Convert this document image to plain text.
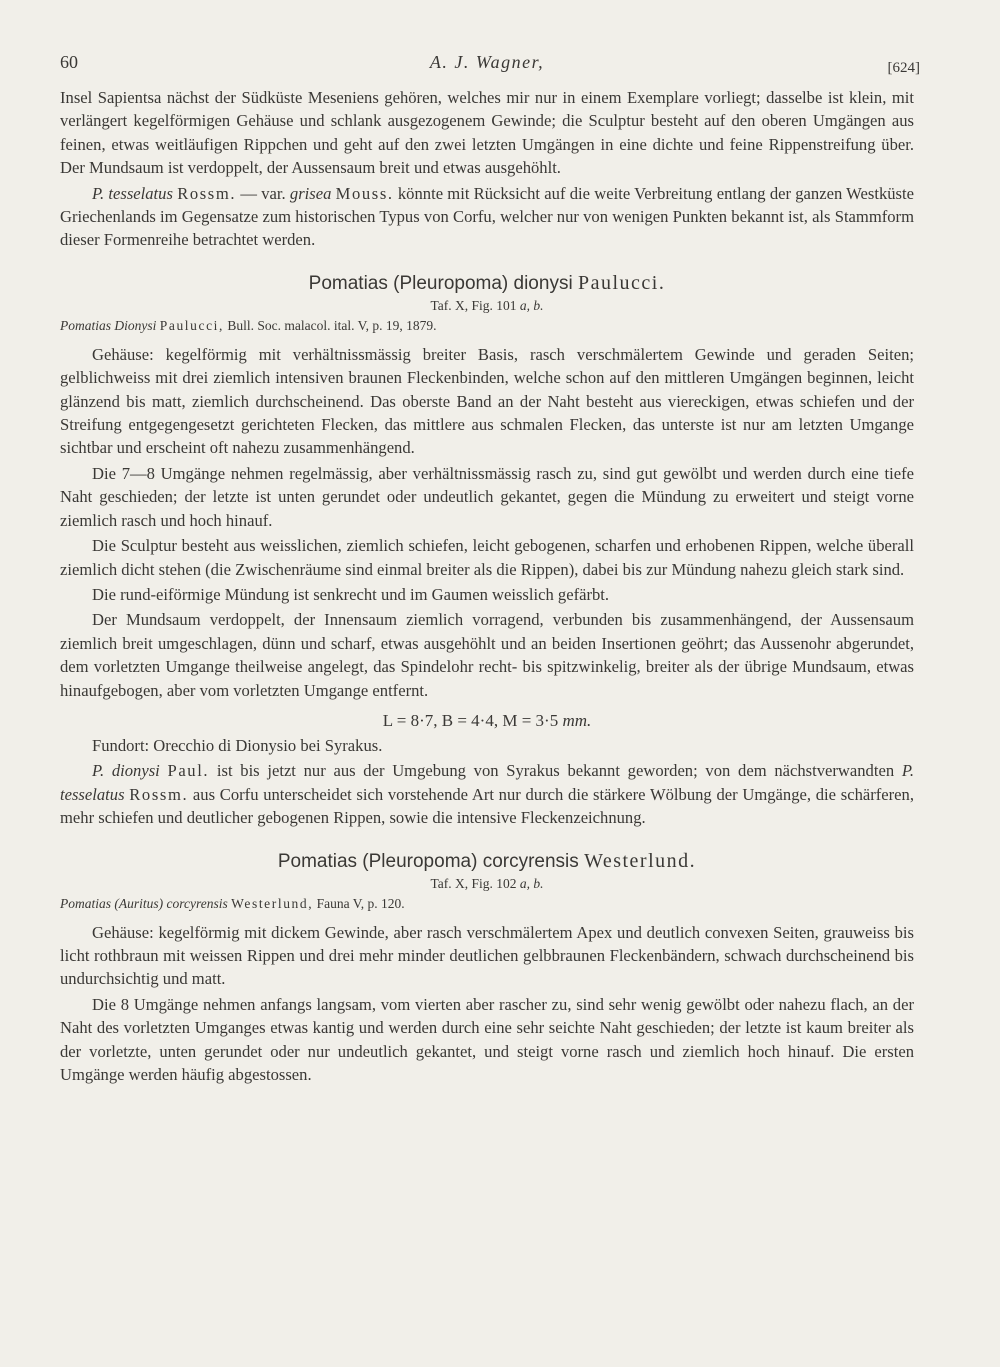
60	A. J. Wagner,	[624]

Insel Sapientsa nächst der Südküste Meseniens gehören, welches mir nur in einem Exemplare vorliegt; dasselbe ist klein, mit verlängert kegelförmigen Gehäuse und schlank ausgezogenem Gewinde; die Sculptur besteht auf den oberen Umgängen aus feinen, etwas weitläufigen Rippchen und geht auf den zwei letzten Umgängen in eine dichte und feine Rippenstreifung über. Der Mundsaum ist verdoppelt, der Aussensaum breit und etwas ausgehöhlt.

P. tesselatus Rossm. — var. grisea Mouss. könnte mit Rücksicht auf die weite Verbreitung entlang der ganzen Westküste Griechenlands im Gegensatze zum historischen Typus von Corfu, welcher nur von wenigen Punkten bekannt ist, als Stammform dieser Formenreihe betrachtet werden.

Pomatias (Pleuropoma) dionysi Paulucci.
Taf. X, Fig. 101 a, b.
Pomatias Dionysi Paulucci, Bull. Soc. malacol. ital. V, p. 19, 1879.

Gehäuse: kegelförmig mit verhältnissmässig breiter Basis, rasch verschmälertem Gewinde und geraden Seiten; gelblichweiss mit drei ziemlich intensiven braunen Fleckenbinden, welche schon auf den mittleren Umgängen beginnen, leicht glänzend bis matt, ziemlich durchscheinend. Das oberste Band an der Naht besteht aus viereckigen, etwas schiefen und der Streifung entgegengesetzt gerichteten Flecken, das mittlere aus schmalen Flecken, das unterste ist nur am letzten Umgange sichtbar und erscheint oft nahezu zusammenhängend.

Die 7—8 Umgänge nehmen regelmässig, aber verhältnissmässig rasch zu, sind gut gewölbt und werden durch eine tiefe Naht geschieden; der letzte ist unten gerundet oder undeutlich gekantet, gegen die Mündung zu erweitert und steigt vorne ziemlich rasch und hoch hinauf.

Die Sculptur besteht aus weisslichen, ziemlich schiefen, leicht gebogenen, scharfen und erhobenen Rippen, welche überall ziemlich dicht stehen (die Zwischenräume sind einmal breiter als die Rippen), dabei bis zur Mündung nahezu gleich stark sind.

Die rund-eiförmige Mündung ist senkrecht und im Gaumen weisslich gefärbt.

Der Mundsaum verdoppelt, der Innensaum ziemlich vorragend, verbunden bis zusammenhängend, der Aussensaum ziemlich breit umgeschlagen, dünn und scharf, etwas ausgehöhlt und an beiden Insertionen geöhrt; das Aussenohr abgerundet, dem vorletzten Umgange theilweise angelegt, das Spindelohr recht- bis spitzwinkelig, breiter als der übrige Mundsaum, etwas hinaufgebogen, aber vom vorletzten Umgange entfernt.

L = 8·7, B = 4·4, M = 3·5 mm.

Fundort: Orecchio di Dionysio bei Syrakus.

P. dionysi Paul. ist bis jetzt nur aus der Umgebung von Syrakus bekannt geworden; von dem nächstverwandten P. tesselatus Rossm. aus Corfu unterscheidet sich vorstehende Art nur durch die stärkere Wölbung der Umgänge, die schärferen, mehr schiefen und deutlicher gebogenen Rippen, sowie die intensive Fleckenzeichnung.

Pomatias (Pleuropoma) corcyrensis Westerlund.
Taf. X, Fig. 102 a, b.
Pomatias (Auritus) corcyrensis Westerlund, Fauna V, p. 120.

Gehäuse: kegelförmig mit dickem Gewinde, aber rasch verschmälertem Apex und deutlich convexen Seiten, grauweiss bis licht rothbraun mit weissen Rippen und drei mehr minder deutlichen gelbbraunen Fleckenbändern, schwach durchscheinend bis undurchsichtig und matt.

Die 8 Umgänge nehmen anfangs langsam, vom vierten aber rascher zu, sind sehr wenig gewölbt oder nahezu flach, an der Naht des vorletzten Umganges etwas kantig und werden durch eine sehr seichte Naht geschieden; der letzte ist kaum breiter als der vorletzte, unten gerundet oder nur undeutlich gekantet, und steigt vorne rasch und ziemlich hoch hinauf. Die ersten Umgänge werden häufig abgestossen.
